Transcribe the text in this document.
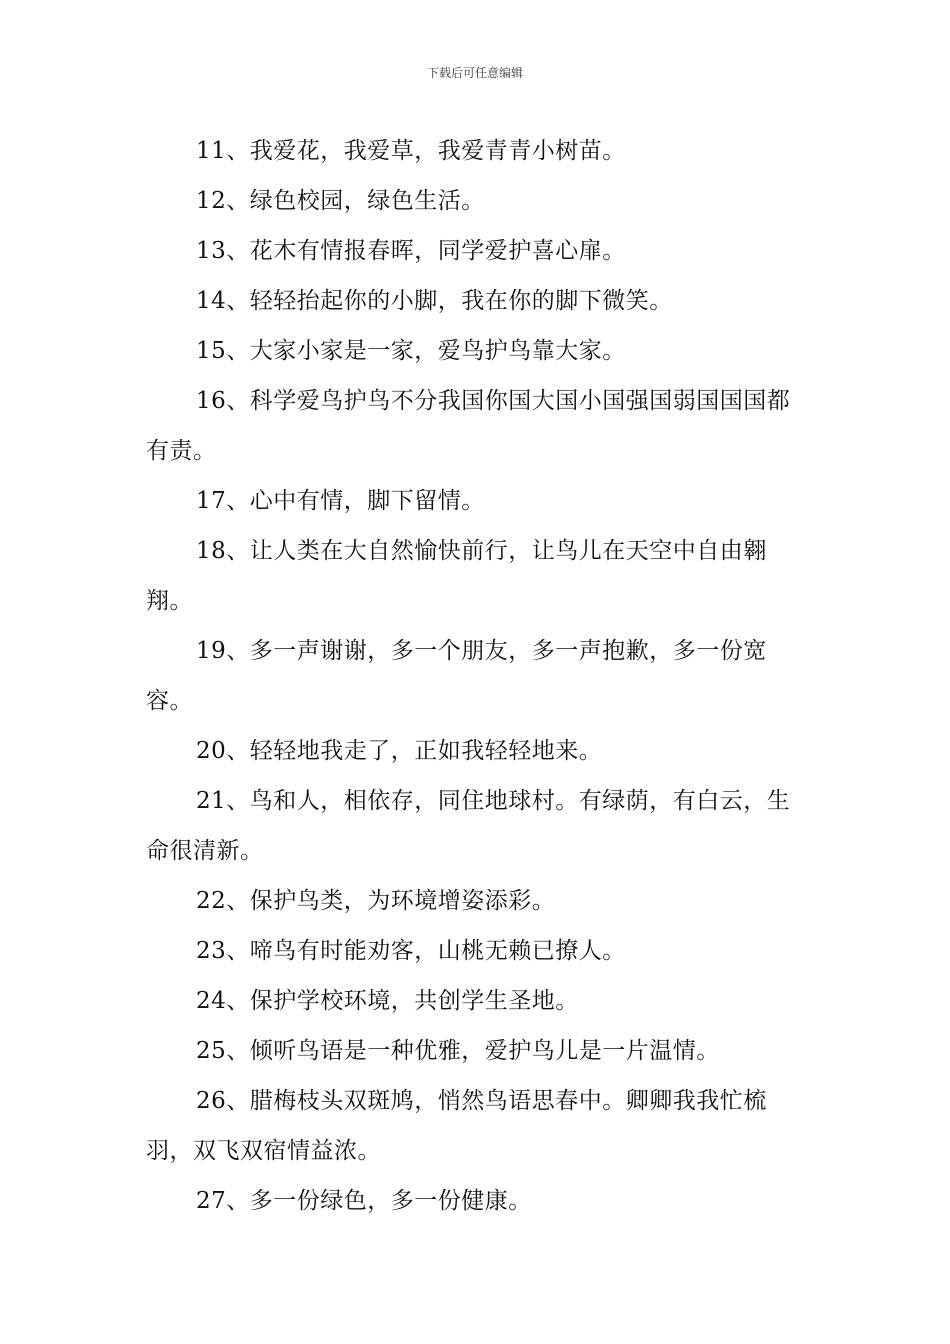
下载后可任意编辑

11、我爱花，我爱草，我爱青青小树苗。

12、绿色校园，绿色生活。

13、花木有情报春晖，同学爱护喜心扉。

14、轻轻抬起你的小脚，我在你的脚下微笑。

15、大家小家是一家，爱鸟护鸟靠大家。

16、科学爱鸟护鸟不分我国你国大国小国强国弱国国国都有责。

17、心中有情，脚下留情。

18、让人类在大自然愉快前行，让鸟儿在天空中自由翱翔。

19、多一声谢谢，多一个朋友，多一声抱歉，多一份宽容。

20、轻轻地我走了，正如我轻轻地来。

21、鸟和人，相依存，同住地球村。有绿荫，有白云，生命很清新。

22、保护鸟类，为环境增姿添彩。

23、啼鸟有时能劝客，山桃无赖已撩人。

24、保护学校环境，共创学生圣地。

25、倾听鸟语是一种优雅，爱护鸟儿是一片温情。

26、腊梅枝头双斑鸠，悄然鸟语思春中。卿卿我我忙梳羽，双飞双宿情益浓。

27、多一份绿色，多一份健康。
